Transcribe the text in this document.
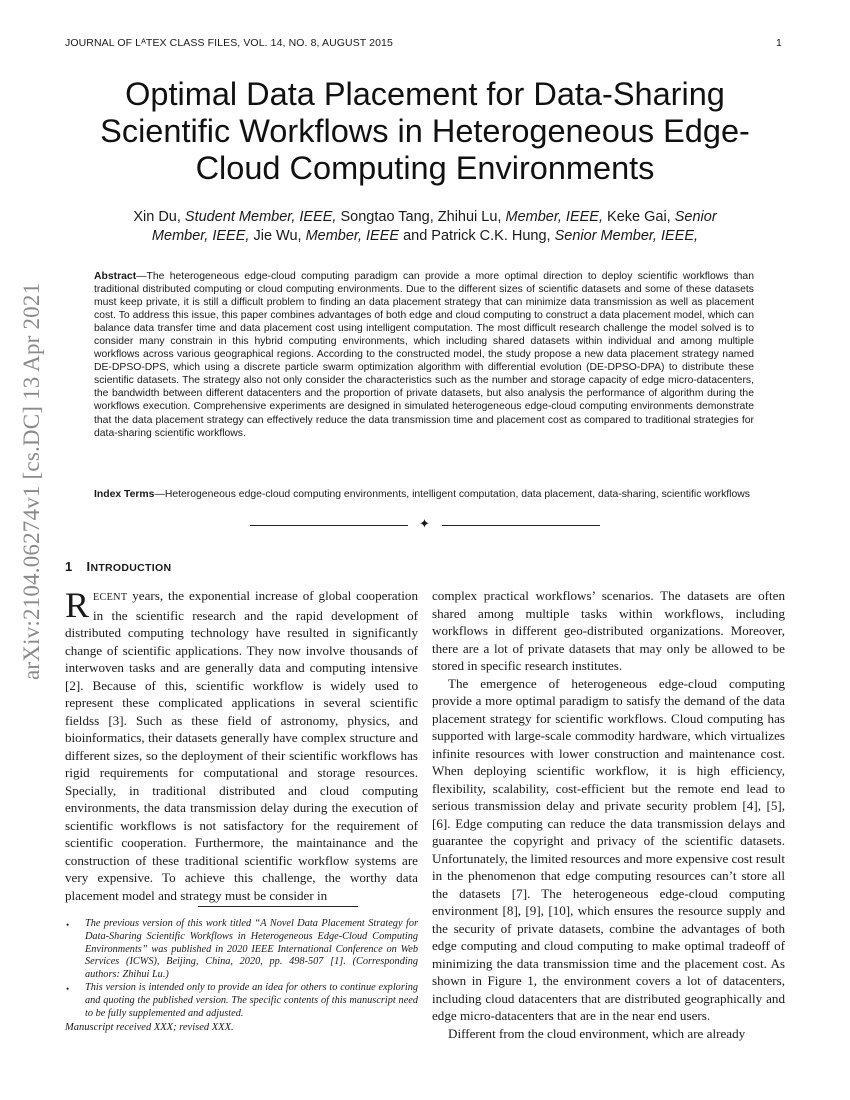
JOURNAL OF LᴬTEX CLASS FILES, VOL. 14, NO. 8, AUGUST 2015	1
Optimal Data Placement for Data-Sharing Scientific Workflows in Heterogeneous Edge-Cloud Computing Environments
Xin Du, Student Member, IEEE, Songtao Tang, Zhihui Lu, Member, IEEE, Keke Gai, Senior
Member, IEEE, Jie Wu, Member, IEEE and Patrick C.K. Hung, Senior Member, IEEE,
Abstract—The heterogeneous edge-cloud computing paradigm can provide a more optimal direction to deploy scientific workflows than traditional distributed computing or cloud computing environments. Due to the different sizes of scientific datasets and some of these datasets must keep private, it is still a difficult problem to finding an data placement strategy that can minimize data transmission as well as placement cost. To address this issue, this paper combines advantages of both edge and cloud computing to construct a data placement model, which can balance data transfer time and data placement cost using intelligent computation. The most difficult research challenge the model solved is to consider many constrain in this hybrid computing environments, which including shared datasets within individual and among multiple workflows across various geographical regions. According to the constructed model, the study propose a new data placement strategy named DE-DPSO-DPS, which using a discrete particle swarm optimization algorithm with differential evolution (DE-DPSO-DPA) to distribute these scientific datasets. The strategy also not only consider the characteristics such as the number and storage capacity of edge micro-datacenters, the bandwidth between different datacenters and the proportion of private datasets, but also analysis the performance of algorithm during the workflows execution. Comprehensive experiments are designed in simulated heterogeneous edge-cloud computing environments demonstrate that the data placement strategy can effectively reduce the data transmission time and placement cost as compared to traditional strategies for data-sharing scientific workflows.
Index Terms—Heterogeneous edge-cloud computing environments, intelligent computation, data placement, data-sharing, scientific workflows
✦
1 INTRODUCTION

RECENT years, the exponential increase of global cooperation in the scientific research and the rapid development of distributed computing technology have resulted in significantly change of scientific applications. They now involve thousands of interwoven tasks and are generally data and computing intensive [2]. Because of this, scientific workflow is widely used to represent these complicated applications in several scientific fieldss [3]. Such as these field of astronomy, physics, and bioinformatics, their datasets generally have complex structure and different sizes, so the deployment of their scientific workflows has rigid requirements for computational and storage resources. Specially, in traditional distributed and cloud computing environments, the data transmission delay during the execution of scientific workflows is not satisfactory for the requirement of scientific cooperation. Furthermore, the maintainance and the construction of these traditional scientific workflow systems are very expensive. To achieve this challenge, the worthy data placement model and strategy must be consider in

complex practical workflows’ scenarios. The datasets are often shared among multiple tasks within workflows, including workflows in different geo-distributed organizations. Moreover, there are a lot of private datasets that may only be allowed to be stored in specific research institutes.

The emergence of heterogeneous edge-cloud computing provide a more optimal paradigm to satisfy the demand of the data placement strategy for scientific workflows. Cloud computing has supported with large-scale commodity hardware, which virtualizes infinite resources with lower construction and maintenance cost. When deploying scientific workflow, it is high efficiency, flexibility, scalability, cost-efficient but the remote end lead to serious transmission delay and private security problem [4], [5], [6]. Edge computing can reduce the data transmission delays and guarantee the copyright and privacy of the scientific datasets. Unfortunately, the limited resources and more expensive cost result in the phenomenon that edge computing resources can’t store all the datasets [7]. The heterogeneous edge-cloud computing environment [8], [9], [10], which ensures the resource supply and the security of private datasets, combine the advantages of both edge computing and cloud computing to make optimal tradeoff of minimizing the data transmission time and the placement cost. As shown in Figure 1, the environment covers a lot of datacenters, including cloud datacenters that are distributed geographically and edge micro-datacenters that are in the near end users.

Different from the cloud environment, which are already

• The previous version of this work titled “A Novel Data Placement Strategy for Data-Sharing Scientific Workflows in Heterogeneous Edge-Cloud Computing Environments” was published in 2020 IEEE International Conference on Web Services (ICWS), Beijing, China, 2020, pp. 498-507 [1]. (Corresponding authors: Zhihui Lu.)
• This version is intended only to provide an idea for others to continue exploring and quoting the published version. The specific contents of this manuscript need to be fully supplemented and adjusted.
Manuscript received XXX; revised XXX.
arXiv:2104.06274v1 [cs.DC] 13 Apr 2021
